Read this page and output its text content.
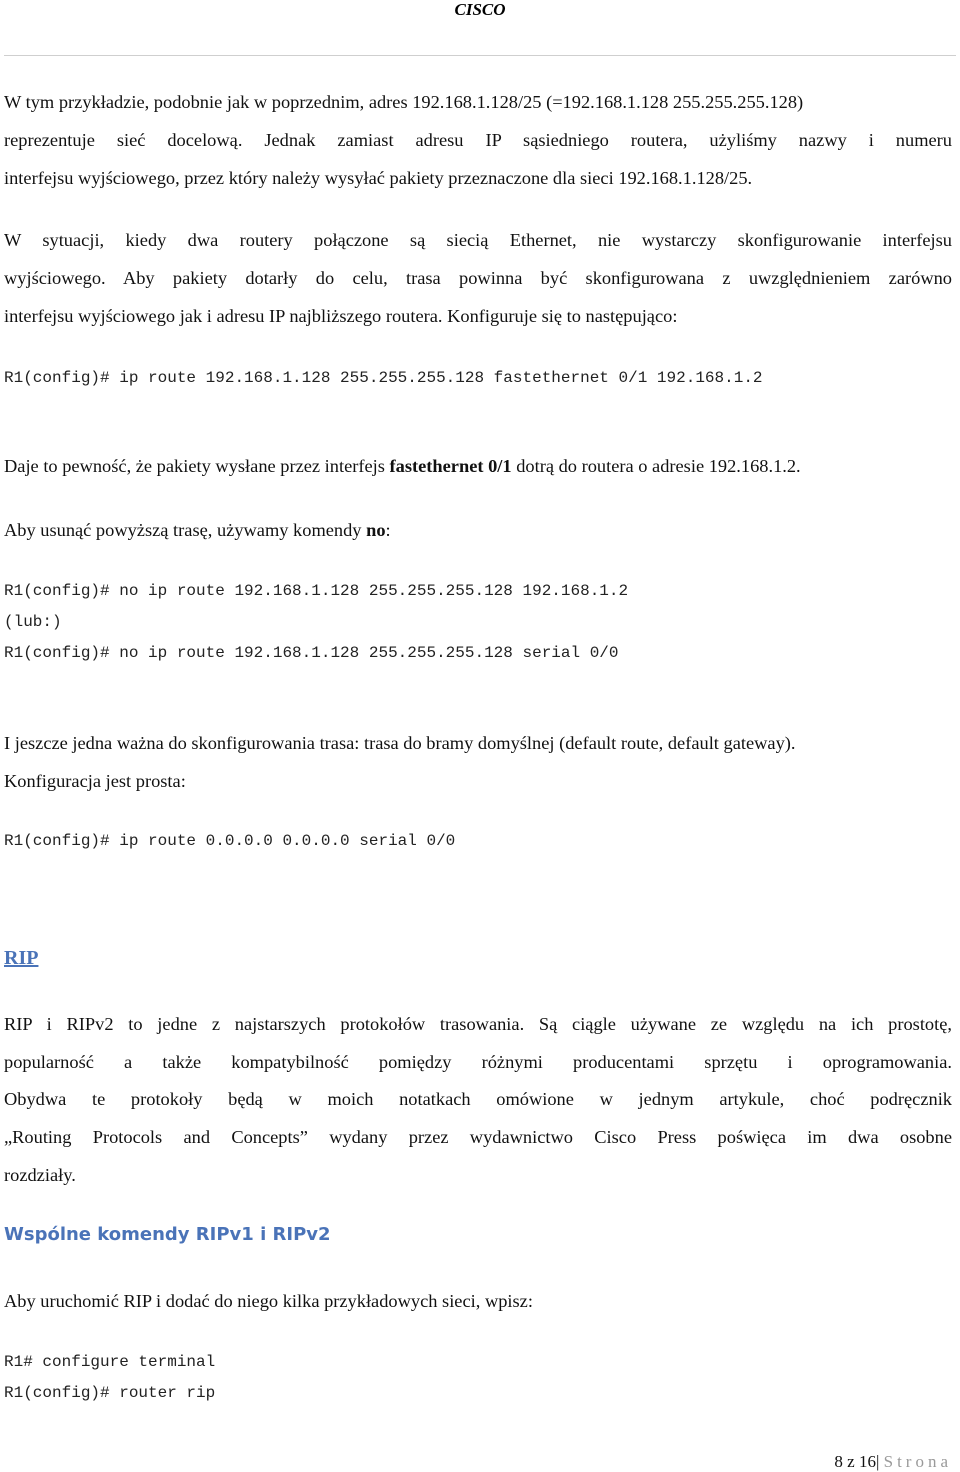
CISCO
W tym przykładzie, podobnie jak w poprzednim, adres 192.168.1.128/25 (=192.168.1.128 255.255.255.128)
reprezentuje sieć docelową. Jednak zamiast adresu IP sąsiedniego routera, użyliśmy nazwy i numeru
interfejsu wyjściowego, przez który należy wysyłać pakiety przeznaczone dla sieci 192.168.1.128/25.
W sytuacji, kiedy dwa routery połączone są siecią Ethernet, nie wystarczy skonfigurowanie interfejsu
wyjściowego. Aby pakiety dotarły do celu, trasa powinna być skonfigurowana z uwzględnieniem zarówno
interfejsu wyjściowego jak i adresu IP najbliższego routera. Konfiguruje się to następująco:
R1(config)# ip route 192.168.1.128 255.255.255.128 fastethernet 0/1 192.168.1.2
Daje to pewność, że pakiety wysłane przez interfejs fastethernet 0/1 dotrą do routera o adresie 192.168.1.2.
Aby usunąć powyższą trasę, używamy komendy no:
R1(config)# no ip route 192.168.1.128 255.255.255.128 192.168.1.2
(lub:)
R1(config)# no ip route 192.168.1.128 255.255.255.128 serial 0/0
I jeszcze jedna ważna do skonfigurowania trasa: trasa do bramy domyślnej (default route, default gateway).
Konfiguracja jest prosta:
R1(config)# ip route 0.0.0.0 0.0.0.0 serial 0/0
RIP
RIP i RIPv2 to jedne z najstarszych protokołów trasowania. Są ciągle używane ze względu na ich prostotę,
popularność a także kompatybilność pomiędzy różnymi producentami sprzętu i oprogramowania.
Obydwa te protokoły będą w moich notatkach omówione w jednym artykule, choć podręcznik
„Routing Protocols and Concepts” wydany przez wydawnictwo Cisco Press poświęca im dwa osobne
rozdziały.
Wspólne komendy RIPv1 i RIPv2
Aby uruchomić RIP i dodać do niego kilka przykładowych sieci, wpisz:
R1# configure terminal
R1(config)# router rip
8 z 16| Strona
